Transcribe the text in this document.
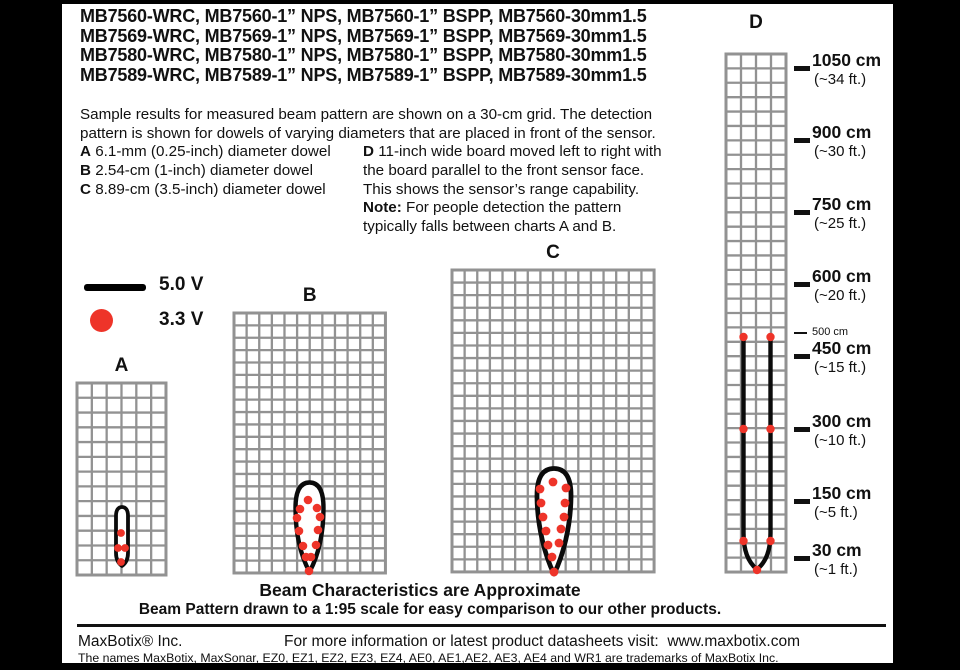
MB7560-WRC, MB7560-1” NPS, MB7560-1” BSPP, MB7560-30mm1.5
MB7569-WRC, MB7569-1” NPS, MB7569-1” BSPP, MB7569-30mm1.5
MB7580-WRC, MB7580-1” NPS, MB7580-1” BSPP, MB7580-30mm1.5
MB7589-WRC, MB7589-1” NPS, MB7589-1” BSPP, MB7589-30mm1.5
Sample results for measured beam pattern are shown on a 30-cm grid. The detection
pattern is shown for dowels of varying diameters that are placed in front of the sensor.
A 6.1-mm (0.25-inch) diameter dowel
B 2.54-cm (1-inch) diameter dowel
C 8.89-cm (3.5-inch) diameter dowel
D 11-inch wide board moved left to right with
the board parallel to the front sensor face.
This shows the sensor’s range capability.
Note: For people detection the pattern
typically falls between charts A and B.
5.0 V
3.3 V
1050 cm
(~34 ft.)
900 cm
(~30 ft.)
750 cm
(~25 ft.)
600 cm
(~20 ft.)
450 cm
(~15 ft.)
300 cm
(~10 ft.)
150 cm
(~5 ft.)
30 cm
(~1 ft.)
500 cm
Beam Characteristics are Approximate
Beam Pattern drawn to a 1:95 scale for easy comparison to our other products.
MaxBotix® Inc.	For more information or latest product datasheets visit:  www.maxbotix.com
The names MaxBotix, MaxSonar, EZ0, EZ1, EZ2, EZ3, EZ4, AE0, AE1,AE2, AE3, AE4 and WR1 are trademarks of MaxBotix Inc.
A
B
C
D
